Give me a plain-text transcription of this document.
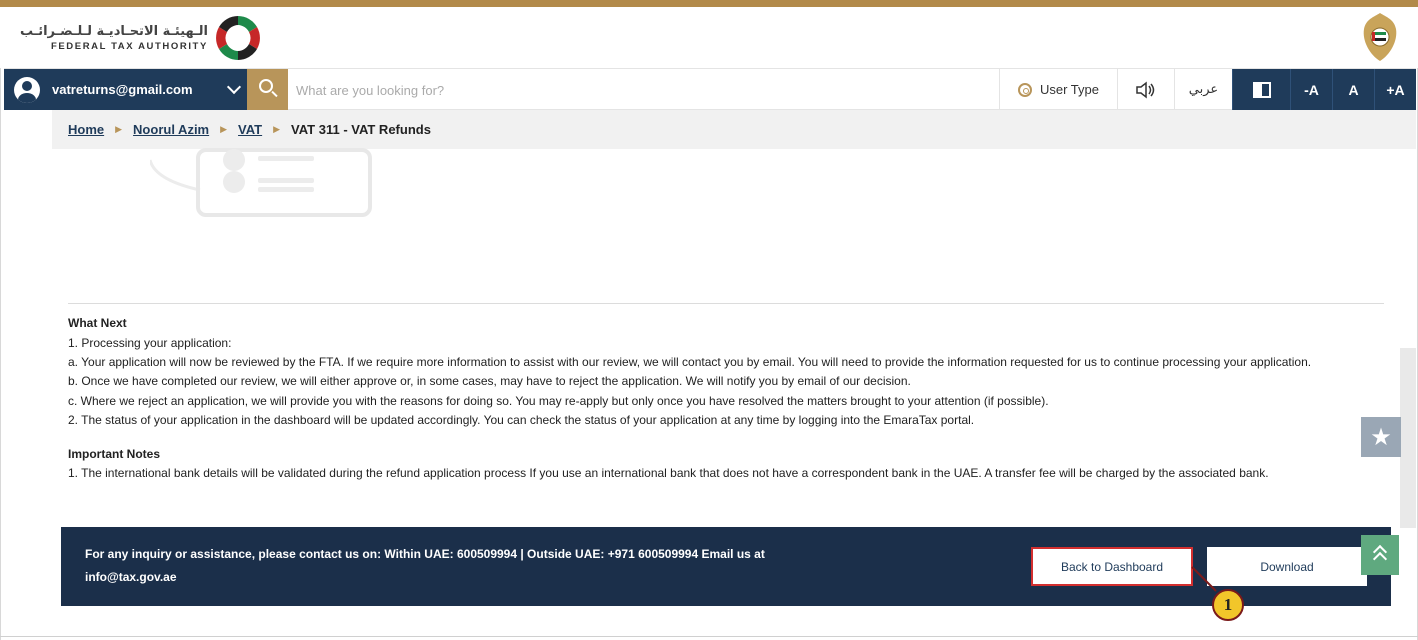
الـهيئـة الاتحـاديـة لـلـضـرائـب
FEDERAL TAX AUTHORITY
vatreturns@gmail.com
What are you looking for?	User Type	عربي	-A	A	+A
Home ▶ Noorul Azim ▶ VAT ▶ VAT 311 - VAT Refunds

What Next

1. Processing your application:

a. Your application will now be reviewed by the FTA. If we require more information to assist with our review, we will contact you by email. You will need to provide the information requested for us to continue processing your application.

b. Once we have completed our review, we will either approve or, in some cases, may have to reject the application. We will notify you by email of our decision.

c. Where we reject an application, we will provide you with the reasons for doing so. You may re-apply but only once you have resolved the matters brought to your attention (if possible).

2. The status of your application in the dashboard will be updated accordingly. You can check the status of your application at any time by logging into the EmaraTax portal.

Important Notes

1. The international bank details will be validated during the refund application process If you use an international bank that does not have a correspondent bank in the UAE. A transfer fee will be charged by the associated bank.

★
For any inquiry or assistance, please contact us on: Within UAE: 600509994 | Outside UAE: +971 600509994 Email us at
info@tax.gov.ae
Back to Dashboard	Download
1
